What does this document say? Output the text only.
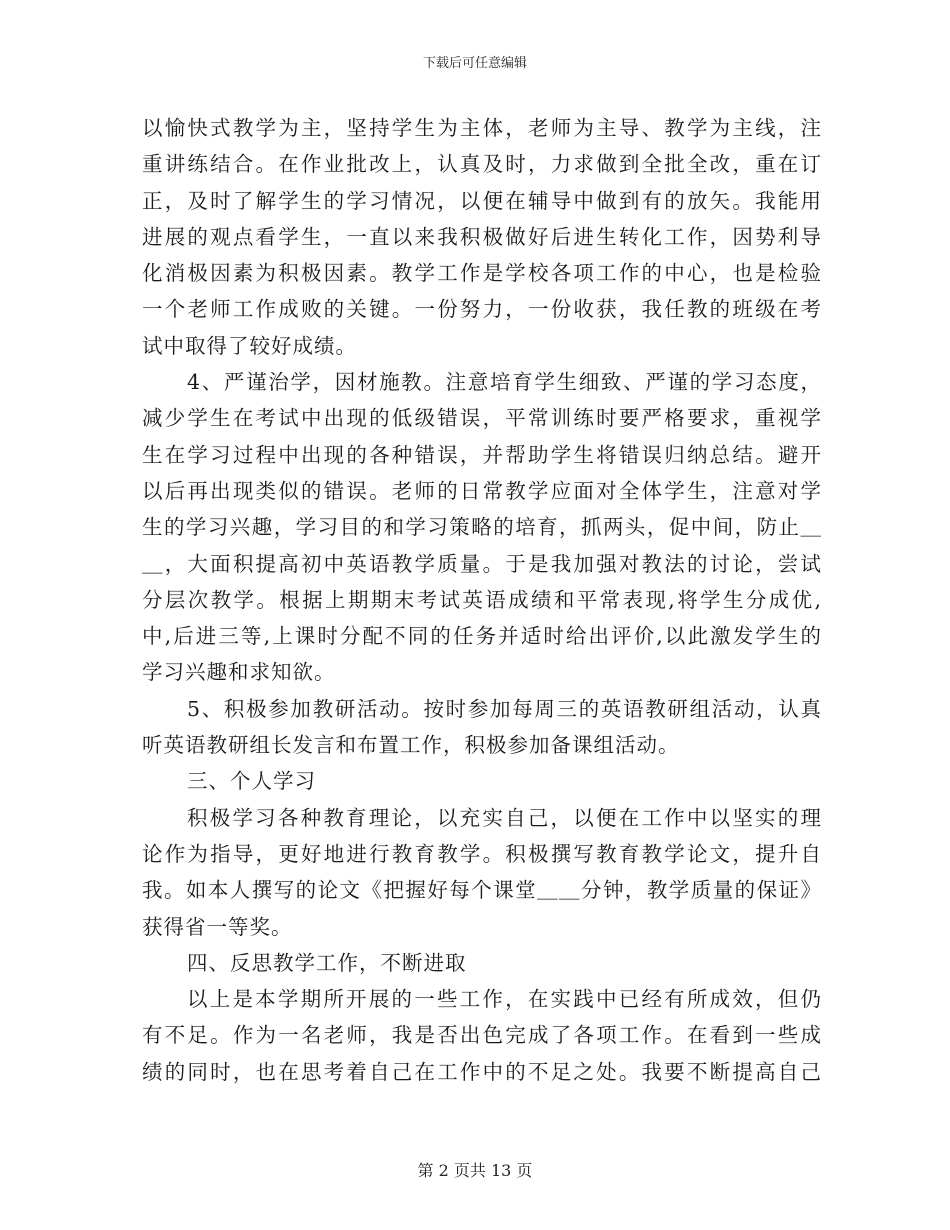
下载后可任意编辑
以愉快式教学为主，坚持学生为主体，老师为主导、教学为主线，注
重讲练结合。在作业批改上，认真及时，力求做到全批全改，重在订
正，及时了解学生的学习情况，以便在辅导中做到有的放矢。我能用
进展的观点看学生，一直以来我积极做好后进生转化工作，因势利导
化消极因素为积极因素。教学工作是学校各项工作的中心，也是检验
一个老师工作成败的关键。一份努力，一份收获，我任教的班级在考
试中取得了较好成绩。
4、严谨治学，因材施教。注意培育学生细致、严谨的学习态度，
减少学生在考试中出现的低级错误，平常训练时要严格要求，重视学
生在学习过程中出现的各种错误，并帮助学生将错误归纳总结。避开
以后再出现类似的错误。老师的日常教学应面对全体学生，注意对学
生的学习兴趣，学习目的和学习策略的培育，抓两头，促中间，防止＿
＿，大面积提高初中英语教学质量。于是我加强对教法的讨论，尝试
分层次教学。根据上期期末考试英语成绩和平常表现,将学生分成优,
中,后进三等,上课时分配不同的任务并适时给出评价,以此激发学生的
学习兴趣和求知欲。
5、积极参加教研活动。按时参加每周三的英语教研组活动，认真
听英语教研组长发言和布置工作，积极参加备课组活动。
三、个人学习
积极学习各种教育理论，以充实自己，以便在工作中以坚实的理
论作为指导，更好地进行教育教学。积极撰写教育教学论文，提升自
我。如本人撰写的论文《把握好每个课堂＿＿分钟，教学质量的保证》
获得省一等奖。
四、反思教学工作，不断进取
以上是本学期所开展的一些工作，在实践中已经有所成效，但仍
有不足。作为一名老师，我是否出色完成了各项工作。在看到一些成
绩的同时，也在思考着自己在工作中的不足之处。我要不断提高自己
第 2 页共 13 页
